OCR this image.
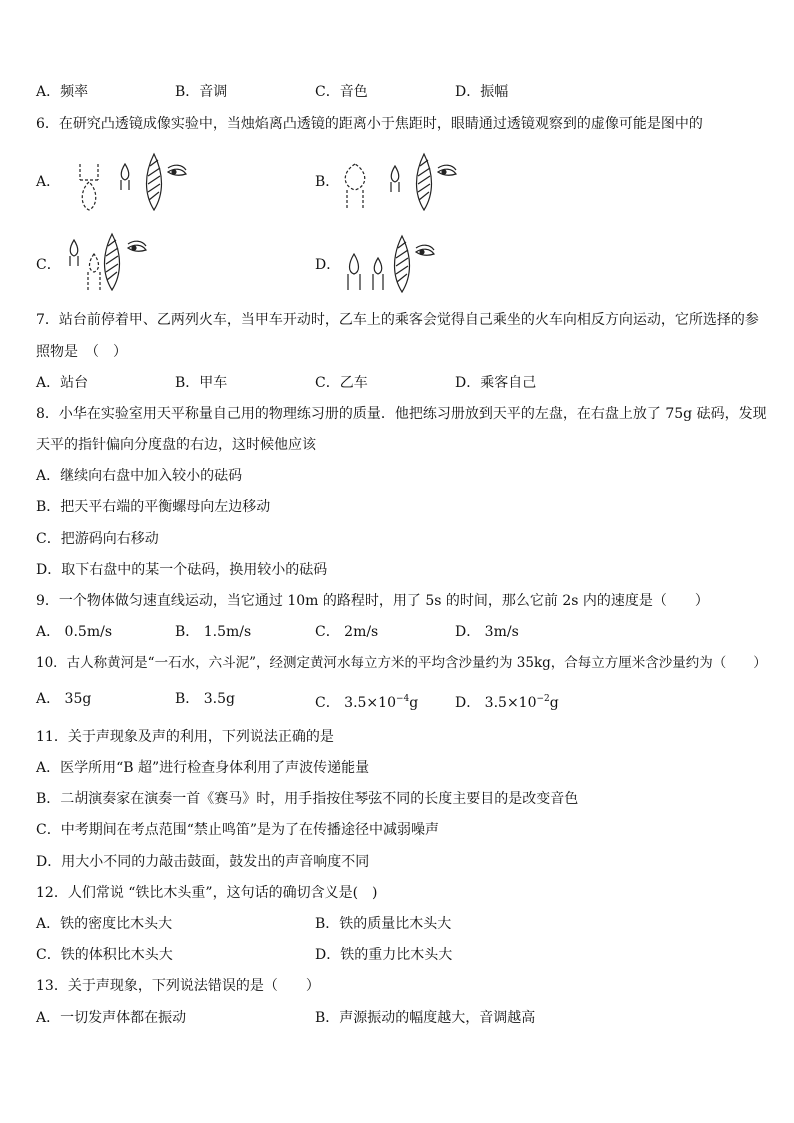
A．频率	B．音调	C．音色	D．振幅
6．在研究凸透镜成像实验中，当烛焰离凸透镜的距离小于焦距时，眼睛通过透镜观察到的虚像可能是图中的
A．	B．
C．	D．
7．站台前停着甲、乙两列火车，当甲车开动时，乙车上的乘客会觉得自己乘坐的火车向相反方向运动，它所选择的参
照物是　（　）
A．站台	B．甲车	C．乙车	D．乘客自己
8．小华在实验室用天平称量自己用的物理练习册的质量．他把练习册放到天平的左盘，在右盘上放了 75g 砝码，发现
天平的指针偏向分度盘的右边，这时候他应该
A．继续向右盘中加入较小的砝码
B．把天平右端的平衡螺母向左边移动
C．把游码向右移动
D．取下右盘中的某一个砝码，换用较小的砝码
9．一个物体做匀速直线运动，当它通过 10m 的路程时，用了 5s 的时间，那么它前 2s 内的速度是（　　）
A． 0.5m/s	B． 1.5m/s	C． 2m/s	D． 3m/s
10．古人称黄河是“一石水，六斗泥”，经测定黄河水每立方米的平均含沙量约为 35kg，合每立方厘米含沙量约为（　　）
A． 35g	B． 3.5g	C． $3.5\times 10^{-4}g$	D． $3.5\times 10^{-2}g$
11．关于声现象及声的利用，下列说法正确的是
A．医学所用“B 超”进行检查身体利用了声波传递能量
B．二胡演奏家在演奏一首《赛马》时，用手指按住琴弦不同的长度主要目的是改变音色
C．中考期间在考点范围“禁止鸣笛”是为了在传播途径中减弱噪声
D．用大小不同的力敲击鼓面，鼓发出的声音响度不同
12．人们常说 “铁比木头重”，这句话的确切含义是(　)
A．铁的密度比木头大	B．铁的质量比木头大
C．铁的体积比木头大	D．铁的重力比木头大
13．关于声现象，下列说法错误的是（　　）
A．一切发声体都在振动	B．声源振动的幅度越大，音调越高
